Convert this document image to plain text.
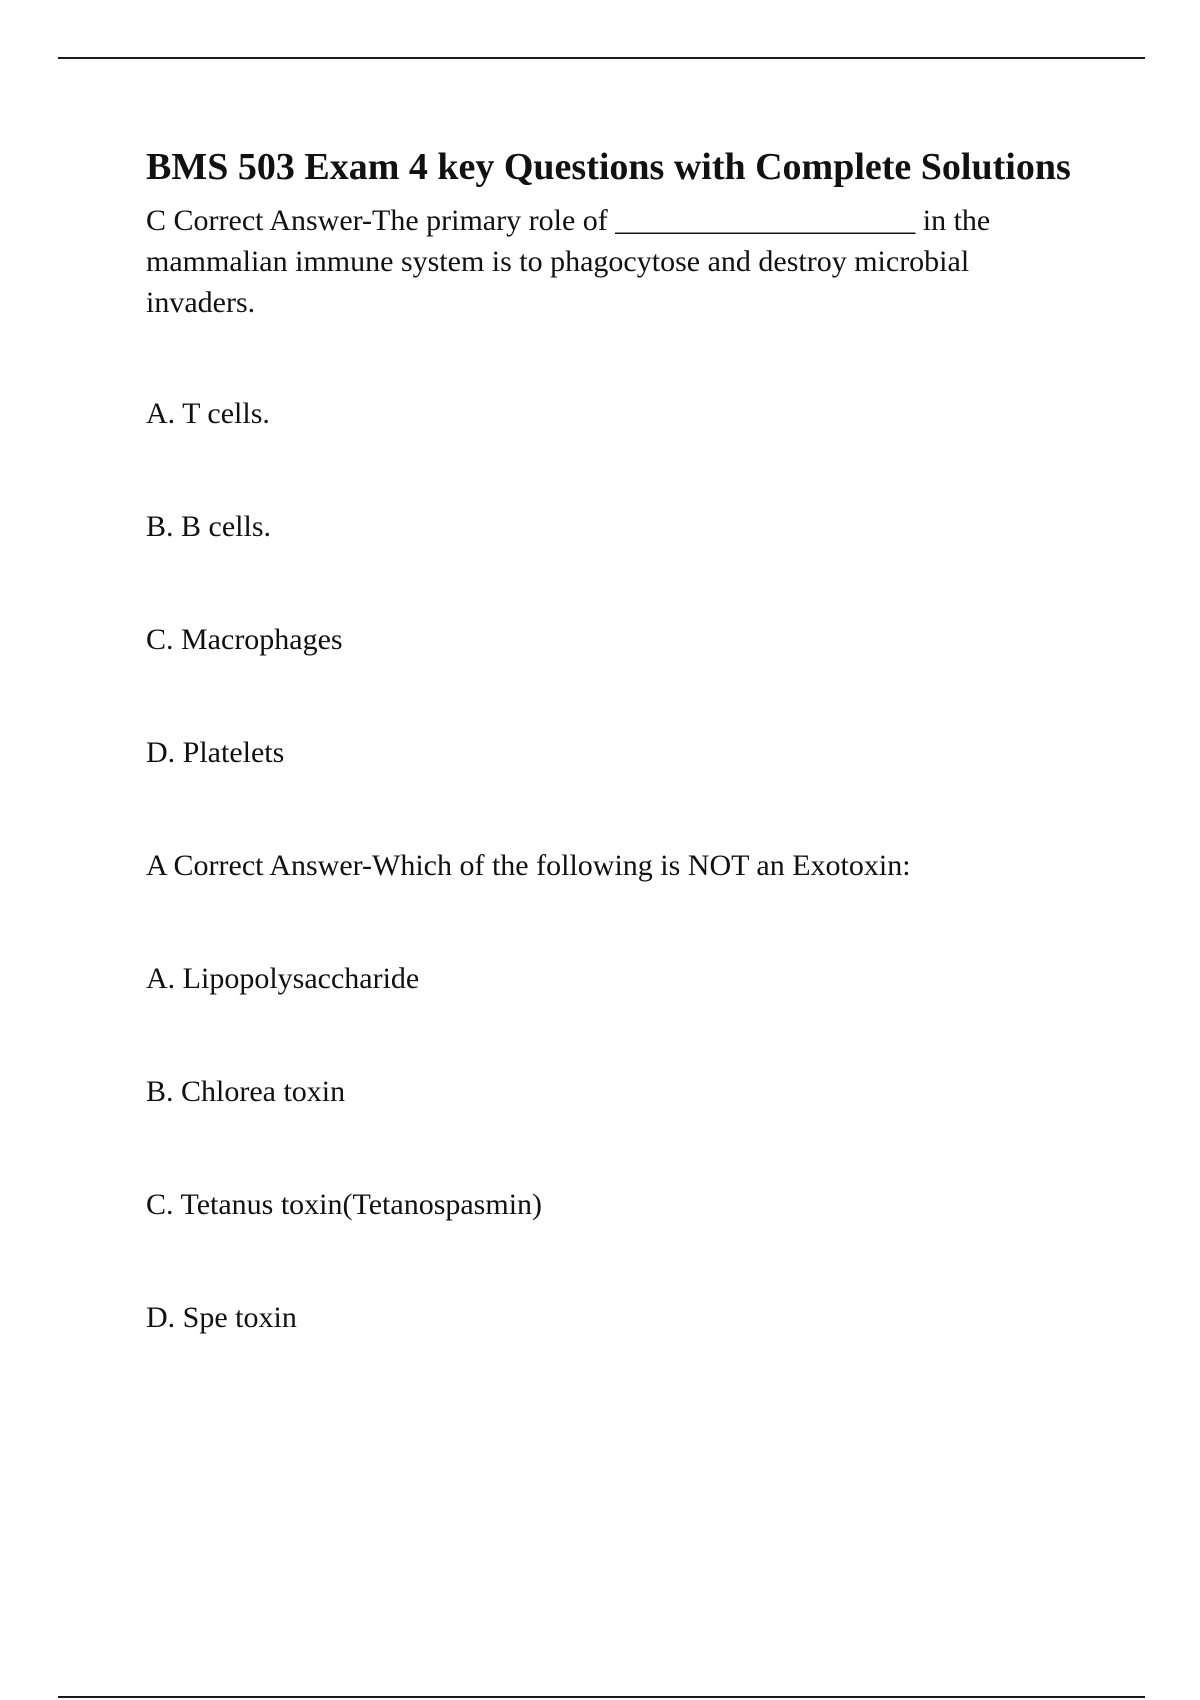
BMS 503 Exam 4 key Questions with Complete Solutions

C Correct Answer-The primary role of ____________________ in the mammalian immune system is to phagocytose and destroy microbial invaders.

A. T cells.

B. B cells.

C. Macrophages

D. Platelets

A Correct Answer-Which of the following is NOT an Exotoxin:

A. Lipopolysaccharide

B. Chlorea toxin

C. Tetanus toxin(Tetanospasmin)

D. Spe toxin
